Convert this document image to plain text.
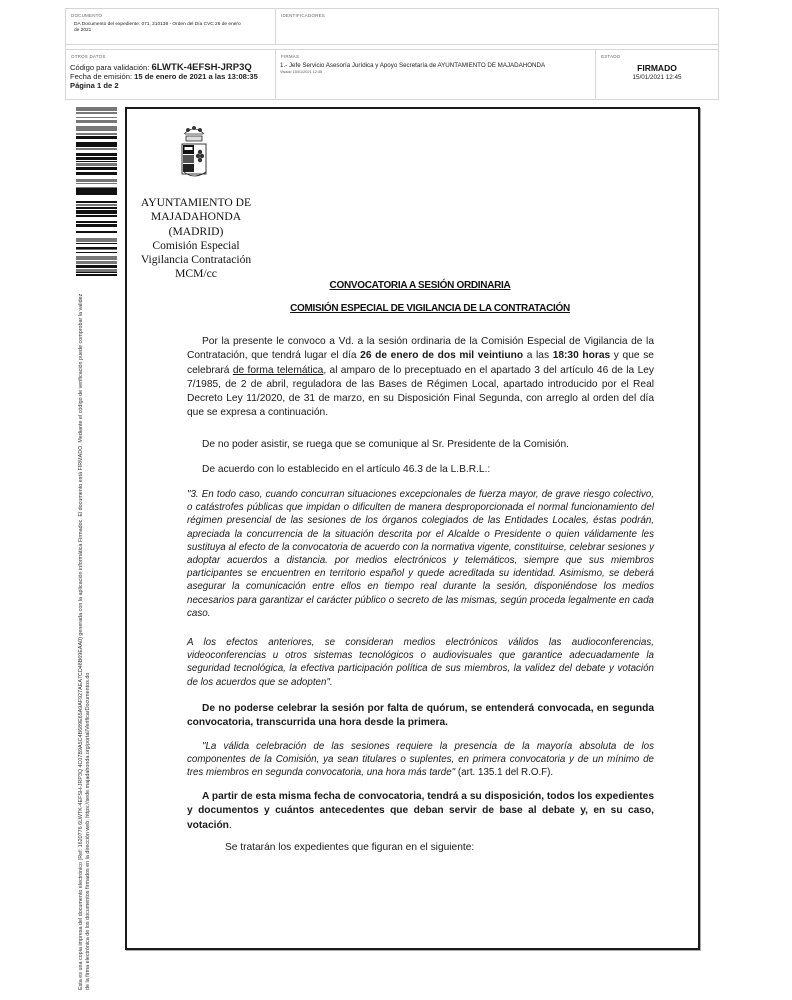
DOCUMENTO
DA Documento del expediente: 071, 210138 - Orden del Día CVC 26 de enero de 2021
IDENTIFICADORES
OTROS DATOS
Código para validación: 6LWTK-4EFSH-JRP3Q
Fecha de emisión: 15 de enero de 2021 a las 13:08:35
Página 1 de 2
FIRMAS
1.- Jefe Servicio Asesoría Jurídica y Apoyo Secretaría de AYUNTAMIENTO DE MAJADAHONDA
Visado 15/01/2021 12:45
ESTADO
FIRMADO
15/01/2021 12:45
Esta es una copia impresa del documento electrónico (Ref: 1620776 6LWTK-4EFSH-JRP3Q 4C07B9A5C4B689E65A9AF927AEA7CD48B69EAA0) generada con la aplicación informática Firmadoc. El documento está FIRMADO. Mediante el código de verificación puede comprobar la validez de la firma electrónica de los documentos firmados en la dirección web: https://sede.majadahonda.org/portal/VerificarDocumentos.do
AYUNTAMIENTO DE
MAJADAHONDA
(MADRID)
Comisión Especial
Vigilancia Contratación
MCM/cc
CONVOCATORIA A SESIÓN ORDINARIA
COMISIÓN ESPECIAL DE VIGILANCIA DE LA CONTRATACIÓN
Por la presente le convoco a Vd. a la sesión ordinaria de la Comisión Especial de Vigilancia de la Contratación, que tendrá lugar el día 26 de enero de dos mil veintiuno a las 18:30 horas y que se celebrará de forma telemática, al amparo de lo preceptuado en el apartado 3 del artículo 46 de la Ley 7/1985, de 2 de abril, reguladora de las Bases de Régimen Local, apartado introducido por el Real Decreto Ley 11/2020, de 31 de marzo, en su Disposición Final Segunda, con arreglo al orden del día que se expresa a continuación.
De no poder asistir, se ruega que se comunique al Sr. Presidente de la Comisión.
De acuerdo con lo establecido en el artículo 46.3 de la L.B.R.L.:
"3. En todo caso, cuando concurran situaciones excepcionales de fuerza mayor, de grave riesgo colectivo, o catástrofes públicas que impidan o dificulten de manera desproporcionada el normal funcionamiento del régimen presencial de las sesiones de los órganos colegiados de las Entidades Locales, éstas podrán, apreciada la concurrencia de la situación descrita por el Alcalde o Presidente o quien válidamente les sustituya al efecto de la convocatoria de acuerdo con la normativa vigente, constituirse, celebrar sesiones y adoptar acuerdos a distancia. por medios electrónicos y telemáticos, siempre que sus miembros participantes se encuentren en territorio español y quede acreditada su identidad. Asimismo, se deberá asegurar la comunicación entre ellos en tiempo real durante la sesión, disponiéndose los medios necesarios para garantizar el carácter público o secreto de las mismas, según proceda legalmente en cada caso.
A los efectos anteriores, se consideran medios electrónicos válidos las audioconferencias, videoconferencias u otros sistemas tecnológicos o audiovisuales que garantice adecuadamente la seguridad tecnológica, la efectiva participación política de sus miembros, la validez del debate y votación de los acuerdos que se adopten".
De no poderse celebrar la sesión por falta de quórum, se entenderá convocada, en segunda convocatoria, transcurrida una hora desde la primera.
"La válida celebración de las sesiones requiere la presencia de la mayoría absoluta de los componentes de la Comisión, ya sean titulares o suplentes, en primera convocatoria y de un mínimo de tres miembros en segunda convocatoria, una hora más tarde" (art. 135.1 del R.O.F).
A partir de esta misma fecha de convocatoria, tendrá a su disposición, todos los expedientes y documentos y cuántos antecedentes que deban servir de base al debate y, en su caso, votación.
Se tratarán los expedientes que figuran en el siguiente:
